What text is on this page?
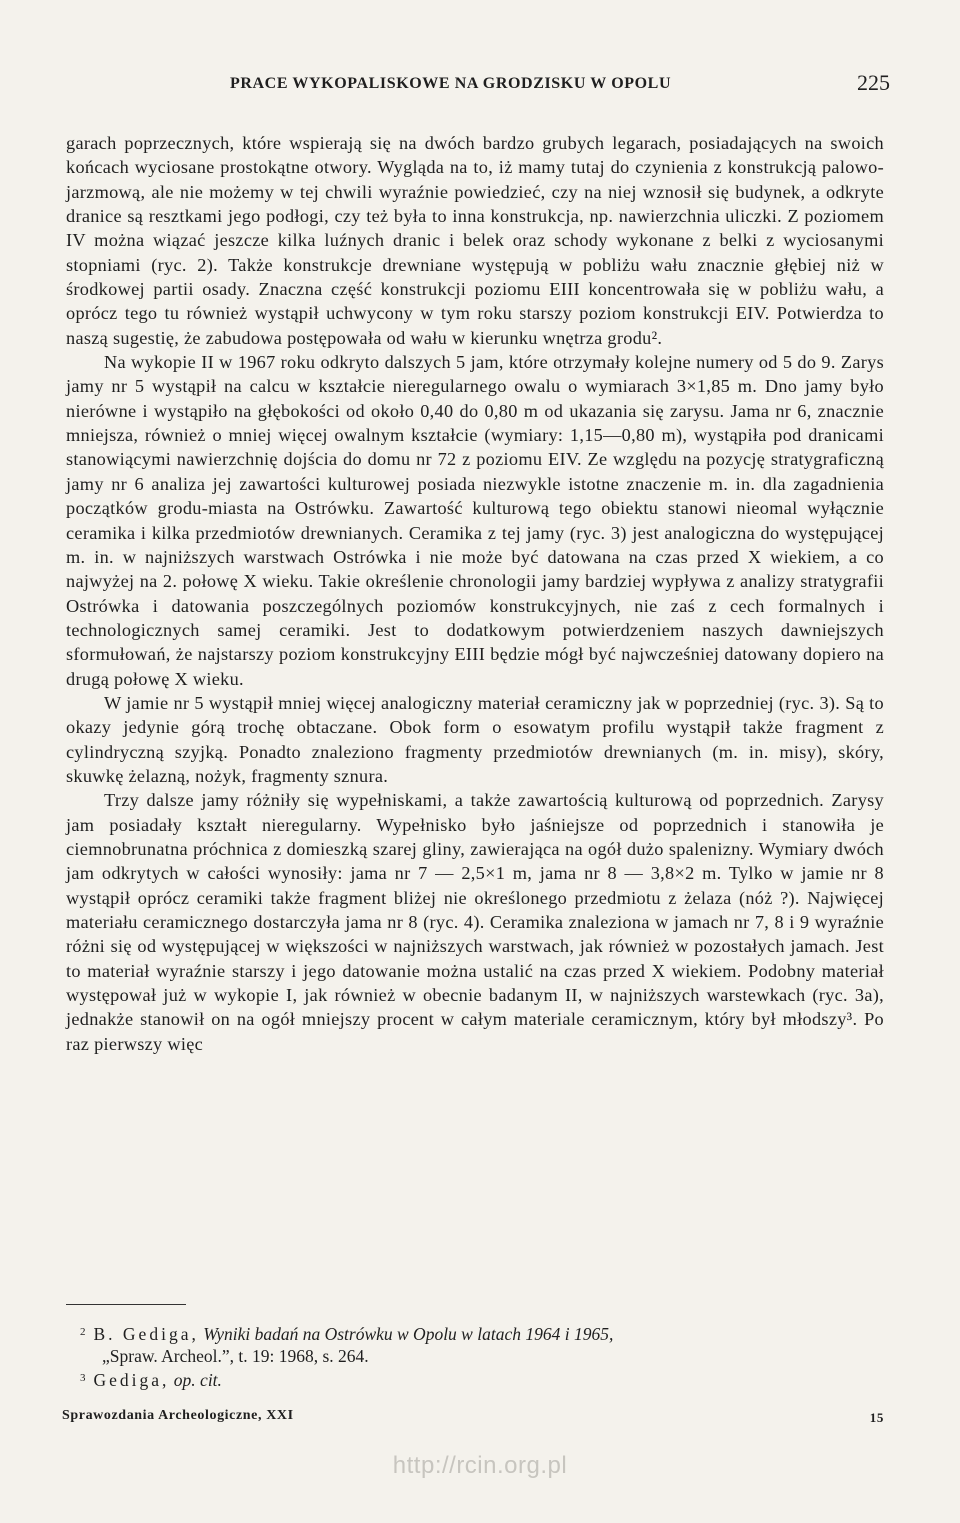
PRACE WYKOPALISKOWE NA GRODZISKU W OPOLU	225

garach poprzecznych, które wspierają się na dwóch bardzo grubych legarach, posiadających na swoich końcach wyciosane prostokątne otwory. Wygląda na to, iż mamy tutaj do czynienia z konstrukcją palowo-jarzmową, ale nie możemy w tej chwili wyraźnie powiedzieć, czy na niej wznosił się budynek, a odkryte dranice są resztkami jego podłogi, czy też była to inna konstrukcja, np. nawierzchnia uliczki. Z poziomem IV można wiązać jeszcze kilka luźnych dranic i belek oraz schody wykonane z belki z wyciosanymi stopniami (ryc. 2). Także konstrukcje drewniane występują w pobliżu wału znacznie głębiej niż w środkowej partii osady. Znaczna część konstrukcji poziomu EIII koncentrowała się w pobliżu wału, a oprócz tego tu również wystąpił uchwycony w tym roku starszy poziom konstrukcji EIV. Potwierdza to naszą sugestię, że zabudowa postępowała od wału w kierunku wnętrza grodu².

Na wykopie II w 1967 roku odkryto dalszych 5 jam, które otrzymały kolejne numery od 5 do 9. Zarys jamy nr 5 wystąpił na calcu w kształcie nieregularnego owalu o wymiarach 3×1,85 m. Dno jamy było nierówne i wystąpiło na głębokości od około 0,40 do 0,80 m od ukazania się zarysu. Jama nr 6, znacznie mniejsza, również o mniej więcej owalnym kształcie (wymiary: 1,15—0,80 m), wystąpiła pod dranicami stanowiącymi nawierzchnię dojścia do domu nr 72 z poziomu EIV. Ze względu na pozycję stratygraficzną jamy nr 6 analiza jej zawartości kulturowej posiada niezwykle istotne znaczenie m. in. dla zagadnienia początków grodu-miasta na Ostrówku. Zawartość kulturową tego obiektu stanowi nieomal wyłącznie ceramika i kilka przedmiotów drewnianych. Ceramika z tej jamy (ryc. 3) jest analogiczna do występującej m. in. w najniższych warstwach Ostrówka i nie może być datowana na czas przed X wiekiem, a co najwyżej na 2. połowę X wieku. Takie określenie chronologii jamy bardziej wypływa z analizy stratygrafii Ostrówka i datowania poszczególnych poziomów konstrukcyjnych, nie zaś z cech formalnych i technologicznych samej ceramiki. Jest to dodatkowym potwierdzeniem naszych dawniejszych sformułowań, że najstarszy poziom konstrukcyjny EIII będzie mógł być najwcześniej datowany dopiero na drugą połowę X wieku.

W jamie nr 5 wystąpił mniej więcej analogiczny materiał ceramiczny jak w poprzedniej (ryc. 3). Są to okazy jedynie górą trochę obtaczane. Obok form o esowatym profilu wystąpił także fragment z cylindryczną szyjką. Ponadto znaleziono fragmenty przedmiotów drewnianych (m. in. misy), skóry, skuwkę żelazną, nożyk, fragmenty sznura.

Trzy dalsze jamy różniły się wypełniskami, a także zawartością kulturową od poprzednich. Zarysy jam posiadały kształt nieregularny. Wypełnisko było jaśniejsze od poprzednich i stanowiła je ciemnobrunatna próchnica z domieszką szarej gliny, zawierająca na ogół dużo spalenizny. Wymiary dwóch jam odkrytych w całości wynosiły: jama nr 7 — 2,5×1 m, jama nr 8 — 3,8×2 m. Tylko w jamie nr 8 wystąpił oprócz ceramiki także fragment bliżej nie określonego przedmiotu z żelaza (nóż ?). Najwięcej materiału ceramicznego dostarczyła jama nr 8 (ryc. 4). Ceramika znaleziona w jamach nr 7, 8 i 9 wyraźnie różni się od występującej w większości w najniższych warstwach, jak również w pozostałych jamach. Jest to materiał wyraźnie starszy i jego datowanie można ustalić na czas przed X wiekiem. Podobny materiał występował już w wykopie I, jak również w obecnie badanym II, w najniższych warstewkach (ryc. 3a), jednakże stanowił on na ogół mniejszy procent w całym materiale ceramicznym, który był młodszy³. Po raz pierwszy więc

$^2$ B. Gediga, Wyniki badań na Ostrówku w Opolu w latach 1964 i 1965,
„Spraw. Archeol.”, t. 19: 1968, s. 264.

$^3$ Gediga, op. cit.

Sprawozdania Archeologiczne, XXI	15
http://rcin.org.pl
